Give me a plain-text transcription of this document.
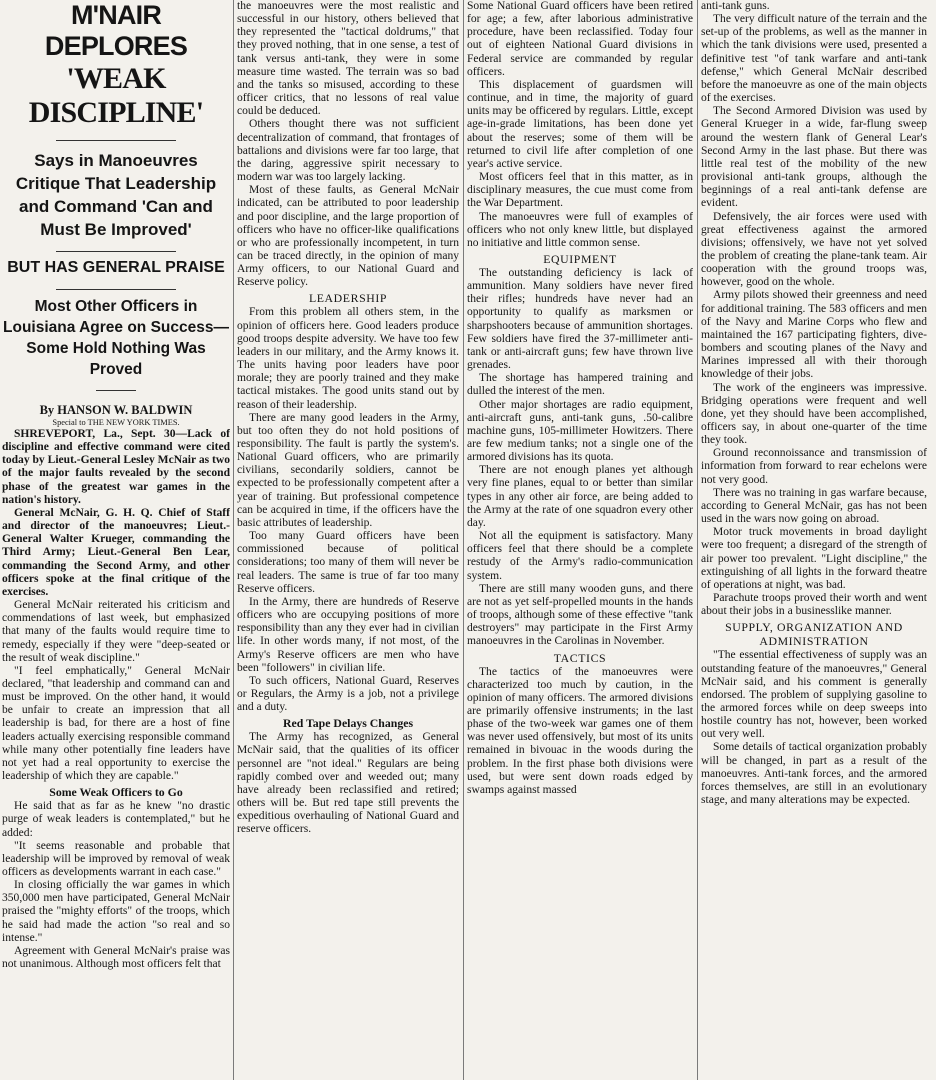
M'NAIR DEPLORES
'WEAK DISCIPLINE'
Says in Manoeuvres Critique That Leadership and Command 'Can and Must Be Improved'
BUT HAS GENERAL PRAISE
Most Other Officers in Louisiana Agree on Success—Some Hold Nothing Was Proved
By HANSON W. BALDWIN
Special to THE NEW YORK TIMES.

SHREVEPORT, La., Sept. 30—Lack of discipline and effective command were cited today by Lieut.-General Lesley McNair as two of the major faults revealed by the second phase of the greatest war games in the nation's history.

General McNair, G. H. Q. Chief of Staff and director of the manoeuvres; Lieut.-General Walter Krueger, commanding the Third Army; Lieut.-General Ben Lear, commanding the Second Army, and other officers spoke at the final critique of the exercises.

General McNair reiterated his criticism and commendations of last week, but emphasized that many of the faults would require time to remedy, especially if they were "deep-seated or the result of weak discipline."

"I feel emphatically," General McNair declared, "that leadership and command can and must be improved. On the other hand, it would be unfair to create an impression that all leadership is bad, for there are a host of fine leaders actually exercising responsible command while many other potentially fine leaders have not yet had a real opportunity to exercise the leadership of which they are capable."

Some Weak Officers to Go

He said that as far as he knew "no drastic purge of weak leaders is contemplated," but he added:

"It seems reasonable and probable that leadership will be improved by removal of weak officers as developments warrant in each case."

In closing officially the war games in which 350,000 men have participated, General McNair praised the "mighty efforts" of the troops, which he said had made the action "so real and so intense."

Agreement with General McNair's praise was not unanimous. Although most officers felt that

the manoeuvres were the most realistic and successful in our history, others believed that they represented the "tactical doldrums," that they proved nothing, that in one sense, a test of tank versus anti-tank, they were in some measure time wasted. The terrain was so bad and the tanks so misused, according to these officer critics, that no lessons of real value could be deduced.

Others thought there was not sufficient decentralization of command, that frontages of battalions and divisions were far too large, that the daring, aggressive spirit necessary to modern war was too largely lacking.

Most of these faults, as General McNair indicated, can be attributed to poor leadership and poor discipline, and the large proportion of officers who have no officer-like qualifications or who are professionally incompetent, in turn can be traced directly, in the opinion of many Army officers, to our National Guard and Reserve policy.

LEADERSHIP

From this problem all others stem, in the opinion of officers here. Good leaders produce good troops despite adversity. We have too few leaders in our military, and the Army knows it. The units having poor leaders have poor morale; they are poorly trained and they make tactical mistakes. The good units stand out by reason of their leadership.

There are many good leaders in the Army, but too often they do not hold positions of responsibility. The fault is partly the system's. National Guard officers, who are primarily civilians, secondarily soldiers, cannot be expected to be professionally competent after a year of training. But professional competence can be acquired in time, if the officers have the basic attributes of leadership.

Too many Guard officers have been commissioned because of political considerations; too many of them will never be real leaders. The same is true of far too many Reserve officers.

In the Army, there are hundreds of Reserve officers who are occupying positions of more responsibility than any they ever had in civilian life. In other words many, if not most, of the Army's Reserve officers are men who have been "followers" in civilian life.

To such officers, National Guard, Reserves or Regulars, the Army is a job, not a privilege and a duty.

Red Tape Delays Changes

The Army has recognized, as General McNair said, that the qualities of its officer personnel are "not ideal." Regulars are being rapidly combed over and weeded out; many have already been reclassified and retired; others will be. But red tape still prevents the expeditious overhauling of National Guard and reserve officers.

Some National Guard officers have been retired for age; a few, after laborious administrative procedure, have been reclassified. Today four out of eighteen National Guard divisions in Federal service are commanded by regular officers.

This displacement of guardsmen will continue, and in time, the majority of guard units may be officered by regulars. Little, except age-in-grade limitations, has been done yet about the reserves; some of them will be returned to civil life after completion of one year's active service.

Most officers feel that in this matter, as in disciplinary measures, the cue must come from the War Department.

The manoeuvres were full of examples of officers who not only knew little, but displayed no initiative and little common sense.

EQUIPMENT

The outstanding deficiency is lack of ammunition. Many soldiers have never fired their rifles; hundreds have never had an opportunity to qualify as marksmen or sharpshooters because of ammunition shortages. Few soldiers have fired the 37-millimeter anti-tank or anti-aircraft guns; few have thrown live grenades.

The shortage has hampered training and dulled the interest of the men.

Other major shortages are radio equipment, anti-aircraft guns, anti-tank guns, .50-calibre machine guns, 105-millimeter Howitzers. There are few medium tanks; not a single one of the armored divisions has its quota.

There are not enough planes yet although very fine planes, equal to or better than similar types in any other air force, are being added to the Army at the rate of one squadron every other day.

Not all the equipment is satisfactory. Many officers feel that there should be a complete restudy of the Army's radio-communication system.

There are still many wooden guns, and there are not as yet self-propelled mounts in the hands of troops, although some of these effective "tank destroyers" may participate in the First Army manoeuvres in the Carolinas in November.

TACTICS

The tactics of the manoeuvres were characterized too much by caution, in the opinion of many officers. The armored divisions are primarily offensive instruments; in the last phase of the two-week war games one of them was never used offensively, but most of its units remained in bivouac in the woods during the problem. In the first phase both divisions were used, but were sent down roads edged by swamps against massed

anti-tank guns.

The very difficult nature of the terrain and the set-up of the problems, as well as the manner in which the tank divisions were used, presented a definitive test "of tank warfare and anti-tank defense," which General McNair described before the manoeuvre as one of the main objects of the exercises.

The Second Armored Division was used by General Krueger in a wide, far-flung sweep around the western flank of General Lear's Second Army in the last phase. But there was little real test of the mobility of the new provisional anti-tank groups, although the beginnings of a real anti-tank defense are evident.

Defensively, the air forces were used with great effectiveness against the armored divisions; offensively, we have not yet solved the problem of creating the plane-tank team. Air cooperation with the ground troops was, however, good on the whole.

Army pilots showed their greenness and need for additional training. The 583 officers and men of the Navy and Marine Corps who flew and maintained the 167 participating fighters, dive-bombers and scouting planes of the Navy and Marines impressed all with their thorough knowledge of their jobs.

The work of the engineers was impressive. Bridging operations were frequent and well done, yet they should have been accomplished, officers say, in about one-quarter of the time they took.

Ground reconnoissance and transmission of information from forward to rear echelons were not very good.

There was no training in gas warfare because, according to General McNair, gas has not been used in the wars now going on abroad.

Motor truck movements in broad daylight were too frequent; a disregard of the strength of air power too prevalent. "Light discipline," the extinguishing of all lights in the forward theatre of operations at night, was bad.

Parachute troops proved their worth and went about their jobs in a businesslike manner.

SUPPLY, ORGANIZATION AND ADMINISTRATION

"The essential effectiveness of supply was an outstanding feature of the manoeuvres," General McNair said, and his comment is generally endorsed. The problem of supplying gasoline to the armored forces while on deep sweeps into hostile country has not, however, been worked out very well.

Some details of tactical organization probably will be changed, in part as a result of the manoeuvres. Anti-tank forces, and the armored forces themselves, are still in an evolutionary stage, and many alterations may be expected.
